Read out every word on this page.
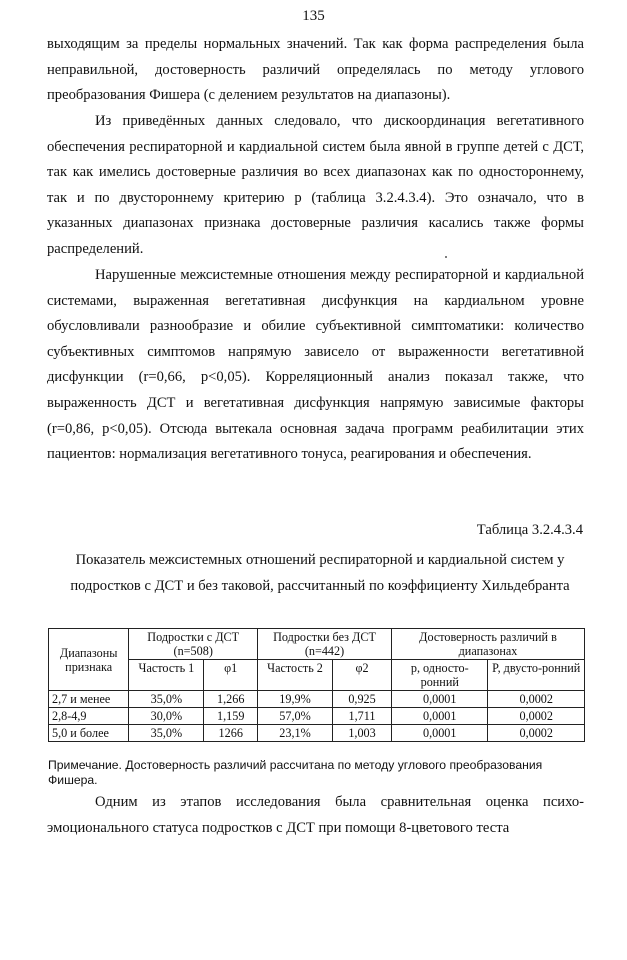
135

выходящим за пределы нормальных значений. Так как форма распределения была неправильной, достоверность различий определялась по методу углового преобразования Фишера (с делением результатов на диапазоны).

Из приведённых данных следовало, что дискоординация вегетативного обеспечения респираторной и кардиальной систем была явной в группе детей с ДСТ, так как имелись достоверные различия во всех диапазонах как по одностороннему, так и по двустороннему критерию р (таблица 3.2.4.3.4). Это означало, что в указанных диапазонах признака достоверные различия касались также формы распределений.

Нарушенные межсистемные отношения между респираторной и кардиальной системами, выраженная вегетативная дисфункция на кардиальном уровне обусловливали разнообразие и обилие субъективной симптоматики: количество субъективных симптомов напрямую зависело от выраженности вегетативной дисфункции (r=0,66, p<0,05). Корреляционный анализ показал также, что выраженность ДСТ и вегетативная дисфункция напрямую зависимые факторы (r=0,86, p<0,05). Отсюда вытекала основная задача программ реабилитации этих пациентов: нормализация вегетативного тонуса, реагирования и обеспечения.

Таблица 3.2.4.3.4

Показатель межсистемных отношений респираторной и кардиальной систем у подростков с ДСТ и без таковой, рассчитанный по коэффициенту Хильдебранта

Диапазоны признака	Подростки с ДСТ (n=508)		Подростки без ДСТ (n=442)		Достоверность различий в диапазонах	
	Частость 1	φ1	Частость 2	φ2	p, односто-ронний	P, двусто-ронний
2,7 и менее	35,0%	1,266	19,9%	0,925	0,0001	0,0002
2,8-4,9	30,0%	1,159	57,0%	1,711	0,0001	0,0002
5,0 и более	35,0%	1266	23,1%	1,003	0,0001	0,0002

Примечание. Достоверность различий рассчитана по методу углового преобразования Фишера.

Одним из этапов исследования была сравнительная оценка психо-эмоционального статуса подростков с ДСТ при помощи 8-цветового теста
